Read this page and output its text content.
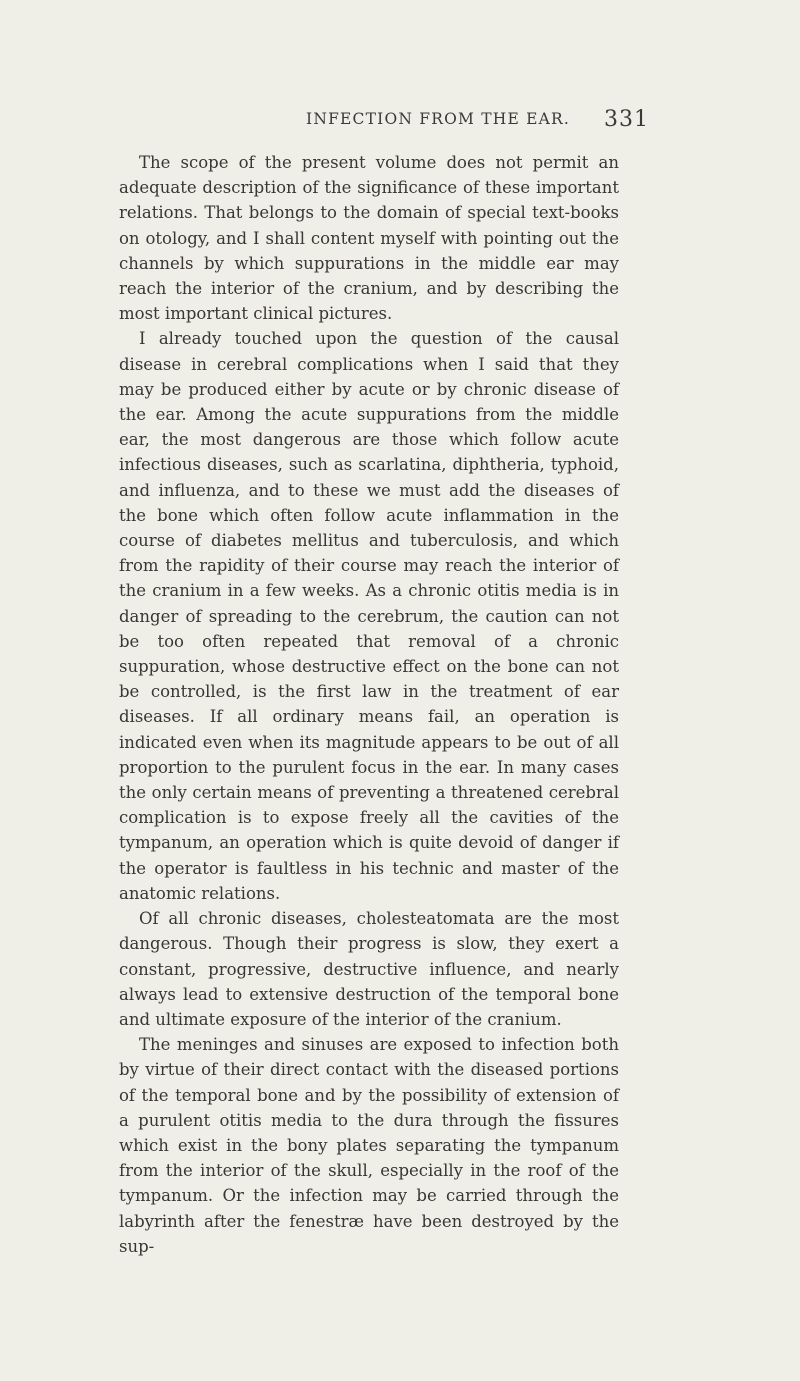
INFECTION FROM THE EAR. 331

The scope of the present volume does not permit an adequate description of the significance of these important relations. That belongs to the domain of special text-books on otology, and I shall content myself with pointing out the channels by which suppurations in the middle ear may reach the interior of the cranium, and by describing the most important clinical pictures.

I already touched upon the question of the causal disease in cerebral complications when I said that they may be produced either by acute or by chronic disease of the ear. Among the acute suppurations from the middle ear, the most dangerous are those which follow acute infectious diseases, such as scarlatina, diphtheria, typhoid, and influenza, and to these we must add the diseases of the bone which often follow acute inflammation in the course of diabetes mellitus and tuberculosis, and which from the rapidity of their course may reach the interior of the cranium in a few weeks. As a chronic otitis media is in danger of spreading to the cerebrum, the caution can not be too often repeated that removal of a chronic suppuration, whose destructive effect on the bone can not be controlled, is the first law in the treatment of ear diseases. If all ordinary means fail, an operation is indicated even when its magnitude appears to be out of all proportion to the purulent focus in the ear. In many cases the only certain means of preventing a threatened cerebral complication is to expose freely all the cavities of the tympanum, an operation which is quite devoid of danger if the operator is faultless in his technic and master of the anatomic relations.

Of all chronic diseases, cholesteatomata are the most dangerous. Though their progress is slow, they exert a constant, progressive, destructive influence, and nearly always lead to extensive destruction of the temporal bone and ultimate exposure of the interior of the cranium.

The meninges and sinuses are exposed to infection both by virtue of their direct contact with the diseased portions of the temporal bone and by the possibility of extension of a purulent otitis media to the dura through the fissures which exist in the bony plates separating the tympanum from the interior of the skull, especially in the roof of the tympanum. Or the infection may be carried through the labyrinth after the fenestræ have been destroyed by the sup-
